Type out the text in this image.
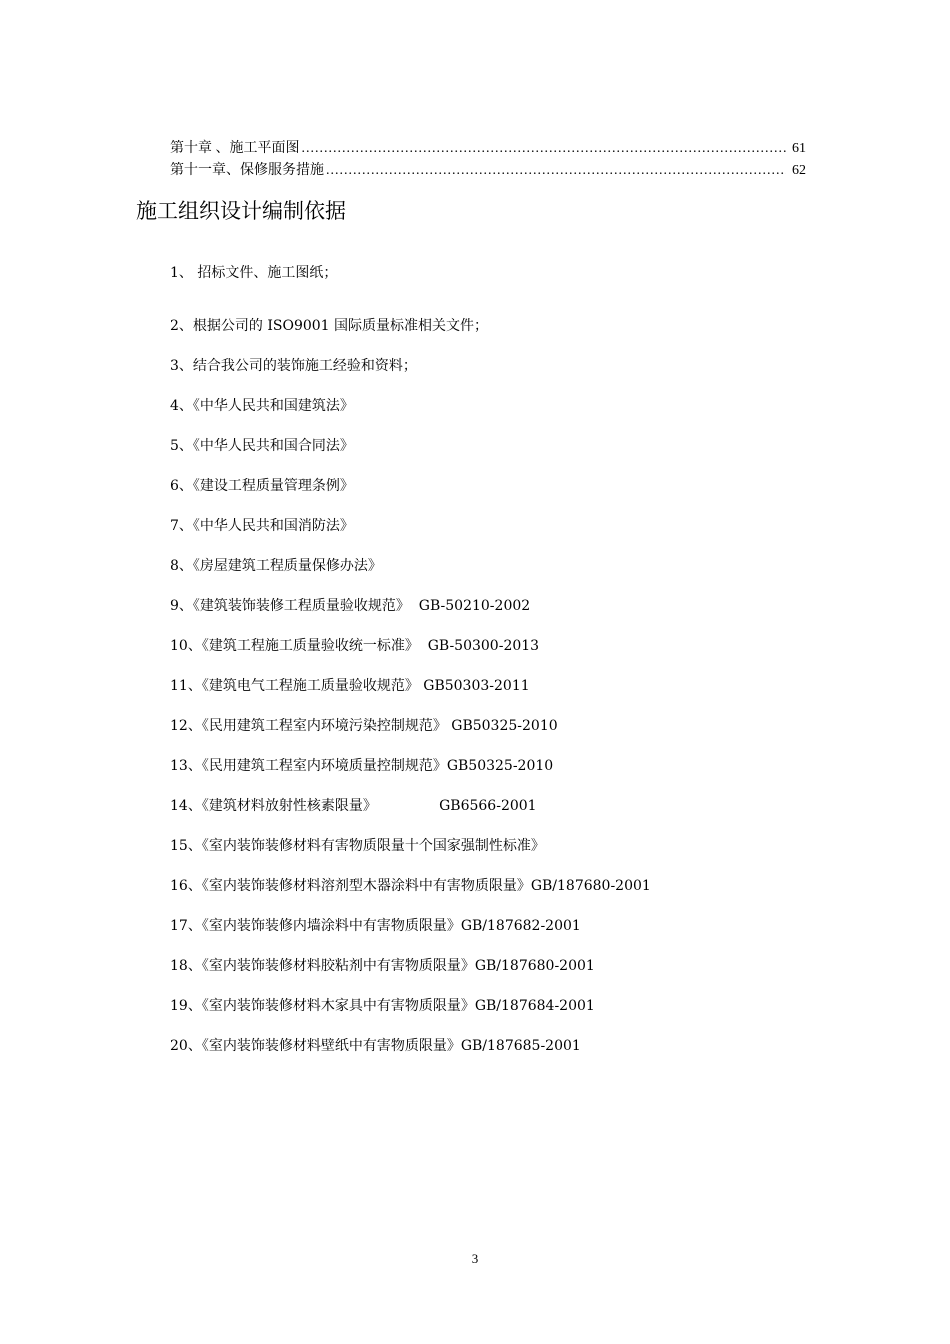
第十章 、施工平面图 .....	61
第十一章、保修服务措施 .....	62
施工组织设计编制依据
1、 招标文件、施工图纸；
2、根据公司的 ISO9001 国际质量标准相关文件；
3、结合我公司的装饰施工经验和资料；
4、《中华人民共和国建筑法》
5、《中华人民共和国合同法》
6、《建设工程质量管理条例》
7、《中华人民共和国消防法》
8、《房屋建筑工程质量保修办法》
9、《建筑装饰装修工程质量验收规范》  GB-50210-2002
10、《建筑工程施工质量验收统一标准》  GB-50300-2013
11、《建筑电气工程施工质量验收规范》 GB50303-2011
12、《民用建筑工程室内环境污染控制规范》 GB50325-2010
13、《民用建筑工程室内环境质量控制规范》GB50325-2010
14、《建筑材料放射性核素限量》              GB6566-2001
15、《室内装饰装修材料有害物质限量十个国家强制性标准》
16、《室内装饰装修材料溶剂型木器涂料中有害物质限量》GB/187680-2001
17、《室内装饰装修内墙涂料中有害物质限量》GB/187682-2001
18、《室内装饰装修材料胶粘剂中有害物质限量》GB/187680-2001
19、《室内装饰装修材料木家具中有害物质限量》GB/187684-2001
20、《室内装饰装修材料壁纸中有害物质限量》GB/187685-2001
3
